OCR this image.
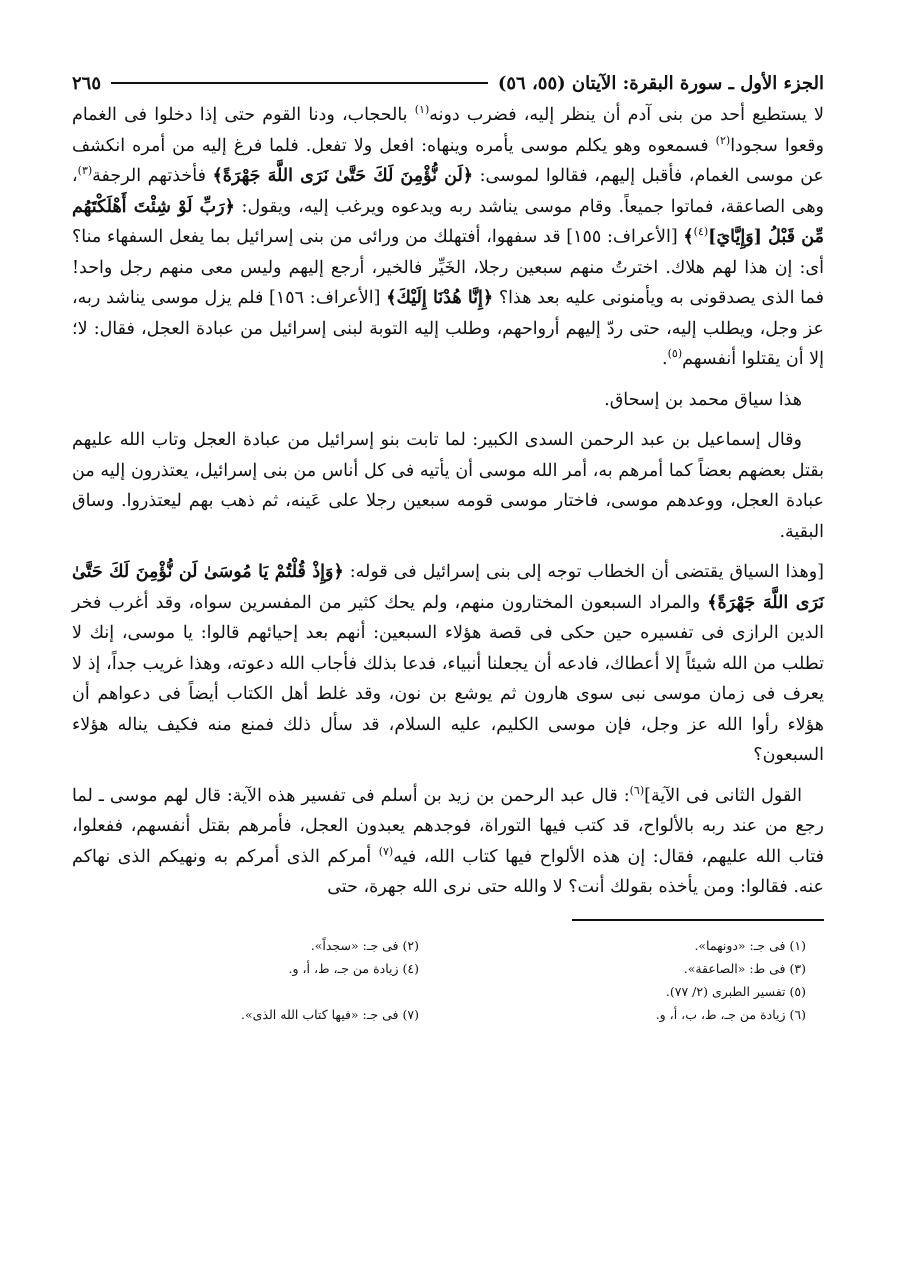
الجزء الأول ـ سورة البقرة: الآيتان (٥٥، ٥٦)
٢٦٥

لا يستطيع أحد من بنى آدم أن ينظر إليه، فضرب دونه$^{(١)}$ بالحجاب، ودنا القوم حتى إذا دخلوا فى الغمام وقعوا سجودا$^{(٢)}$ فسمعوه وهو يكلم موسى يأمره وينهاه: افعل ولا تفعل. فلما فرغ إليه من أمره انكشف عن موسى الغمام، فأقبل إليهم، فقالوا لموسى: ﴿لَن نُّؤْمِنَ لَكَ حَتَّىٰ نَرَى اللَّهَ جَهْرَةً﴾ فأخذتهم الرجفة$^{(٣)}$، وهى الصاعقة، فماتوا جميعاً. وقام موسى يناشد ربه ويدعوه ويرغب إليه، ويقول: ﴿رَبِّ لَوْ شِئْتَ أَهْلَكْتَهُم مِّن قَبْلُ [وَإِيَّايَ]$^{(٤)}$﴾ [الأعراف: ١٥٥] قد سفهوا، أفتهلك من ورائى من بنى إسرائيل بما يفعل السفهاء منا؟ أى: إن هذا لهم هلاك. اخترتُ منهم سبعين رجلا، الخَيِّر فالخير، أرجع إليهم وليس معى منهم رجل واحد! فما الذى يصدقونى به ويأمنونى عليه بعد هذا؟ ﴿إِنَّا هُدْنَا إِلَيْكَ﴾ [الأعراف: ١٥٦] فلم يزل موسى يناشد ربه، عز وجل، ويطلب إليه، حتى ردّ إليهم أرواحهم، وطلب إليه التوبة لبنى إسرائيل من عبادة العجل، فقال: لا؛ إلا أن يقتلوا أنفسهم$^{(٥)}$.

هذا سياق محمد بن إسحاق.

وقال إسماعيل بن عبد الرحمن السدى الكبير: لما تابت بنو إسرائيل من عبادة العجل وتاب الله عليهم بقتل بعضهم بعضاً كما أمرهم به، أمر الله موسى أن يأتيه فى كل أناس من بنى إسرائيل، يعتذرون إليه من عبادة العجل، ووعدهم موسى، فاختار موسى قومه سبعين رجلا على عَينه، ثم ذهب بهم ليعتذروا. وساق البقية.

[وهذا السياق يقتضى أن الخطاب توجه إلى بنى إسرائيل فى قوله: ﴿وَإِذْ قُلْتُمْ يَا مُوسَىٰ لَن نُّؤْمِنَ لَكَ حَتَّىٰ نَرَى اللَّهَ جَهْرَةً﴾ والمراد السبعون المختارون منهم، ولم يحك كثير من المفسرين سواه، وقد أغرب فخر الدين الرازى فى تفسيره حين حكى فى قصة هؤلاء السبعين: أنهم بعد إحيائهم قالوا: يا موسى، إنك لا تطلب من الله شيئاً إلا أعطاك، فادعه أن يجعلنا أنبياء، فدعا بذلك فأجاب الله دعوته، وهذا غريب جداً، إذ لا يعرف فى زمان موسى نبى سوى هارون ثم يوشع بن نون، وقد غلط أهل الكتاب أيضاً فى دعواهم أن هؤلاء رأوا الله عز وجل، فإن موسى الكليم، عليه السلام، قد سأل ذلك فمنع منه فكيف يناله هؤلاء السبعون؟

القول الثانى فى الآية]$^{(٦)}$: قال عبد الرحمن بن زيد بن أسلم فى تفسير هذه الآية: قال لهم موسى ـ لما رجع من عند ربه بالألواح، قد كتب فيها التوراة، فوجدهم يعبدون العجل، فأمرهم بقتل أنفسهم، ففعلوا، فتاب الله عليهم، فقال: إن هذه الألواح فيها كتاب الله، فيه$^{(٧)}$ أمركم الذى أمركم به ونهيكم الذى نهاكم عنه. فقالوا: ومن يأخذه بقولك أنت؟ لا والله حتى نرى الله جهرة، حتى

(١) فى جـ: «دونهما».
(٢) فى جـ: «سجداً».
(٣) فى ط: «الصاعقة».
(٤) زيادة من جـ، ط، أ، و.
(٥) تفسير الطبرى (٢/ ٧٧).
(٦) زيادة من جـ، ط، ب، أ، و.
(٧) فى جـ: «فيها كتاب الله الذى».
